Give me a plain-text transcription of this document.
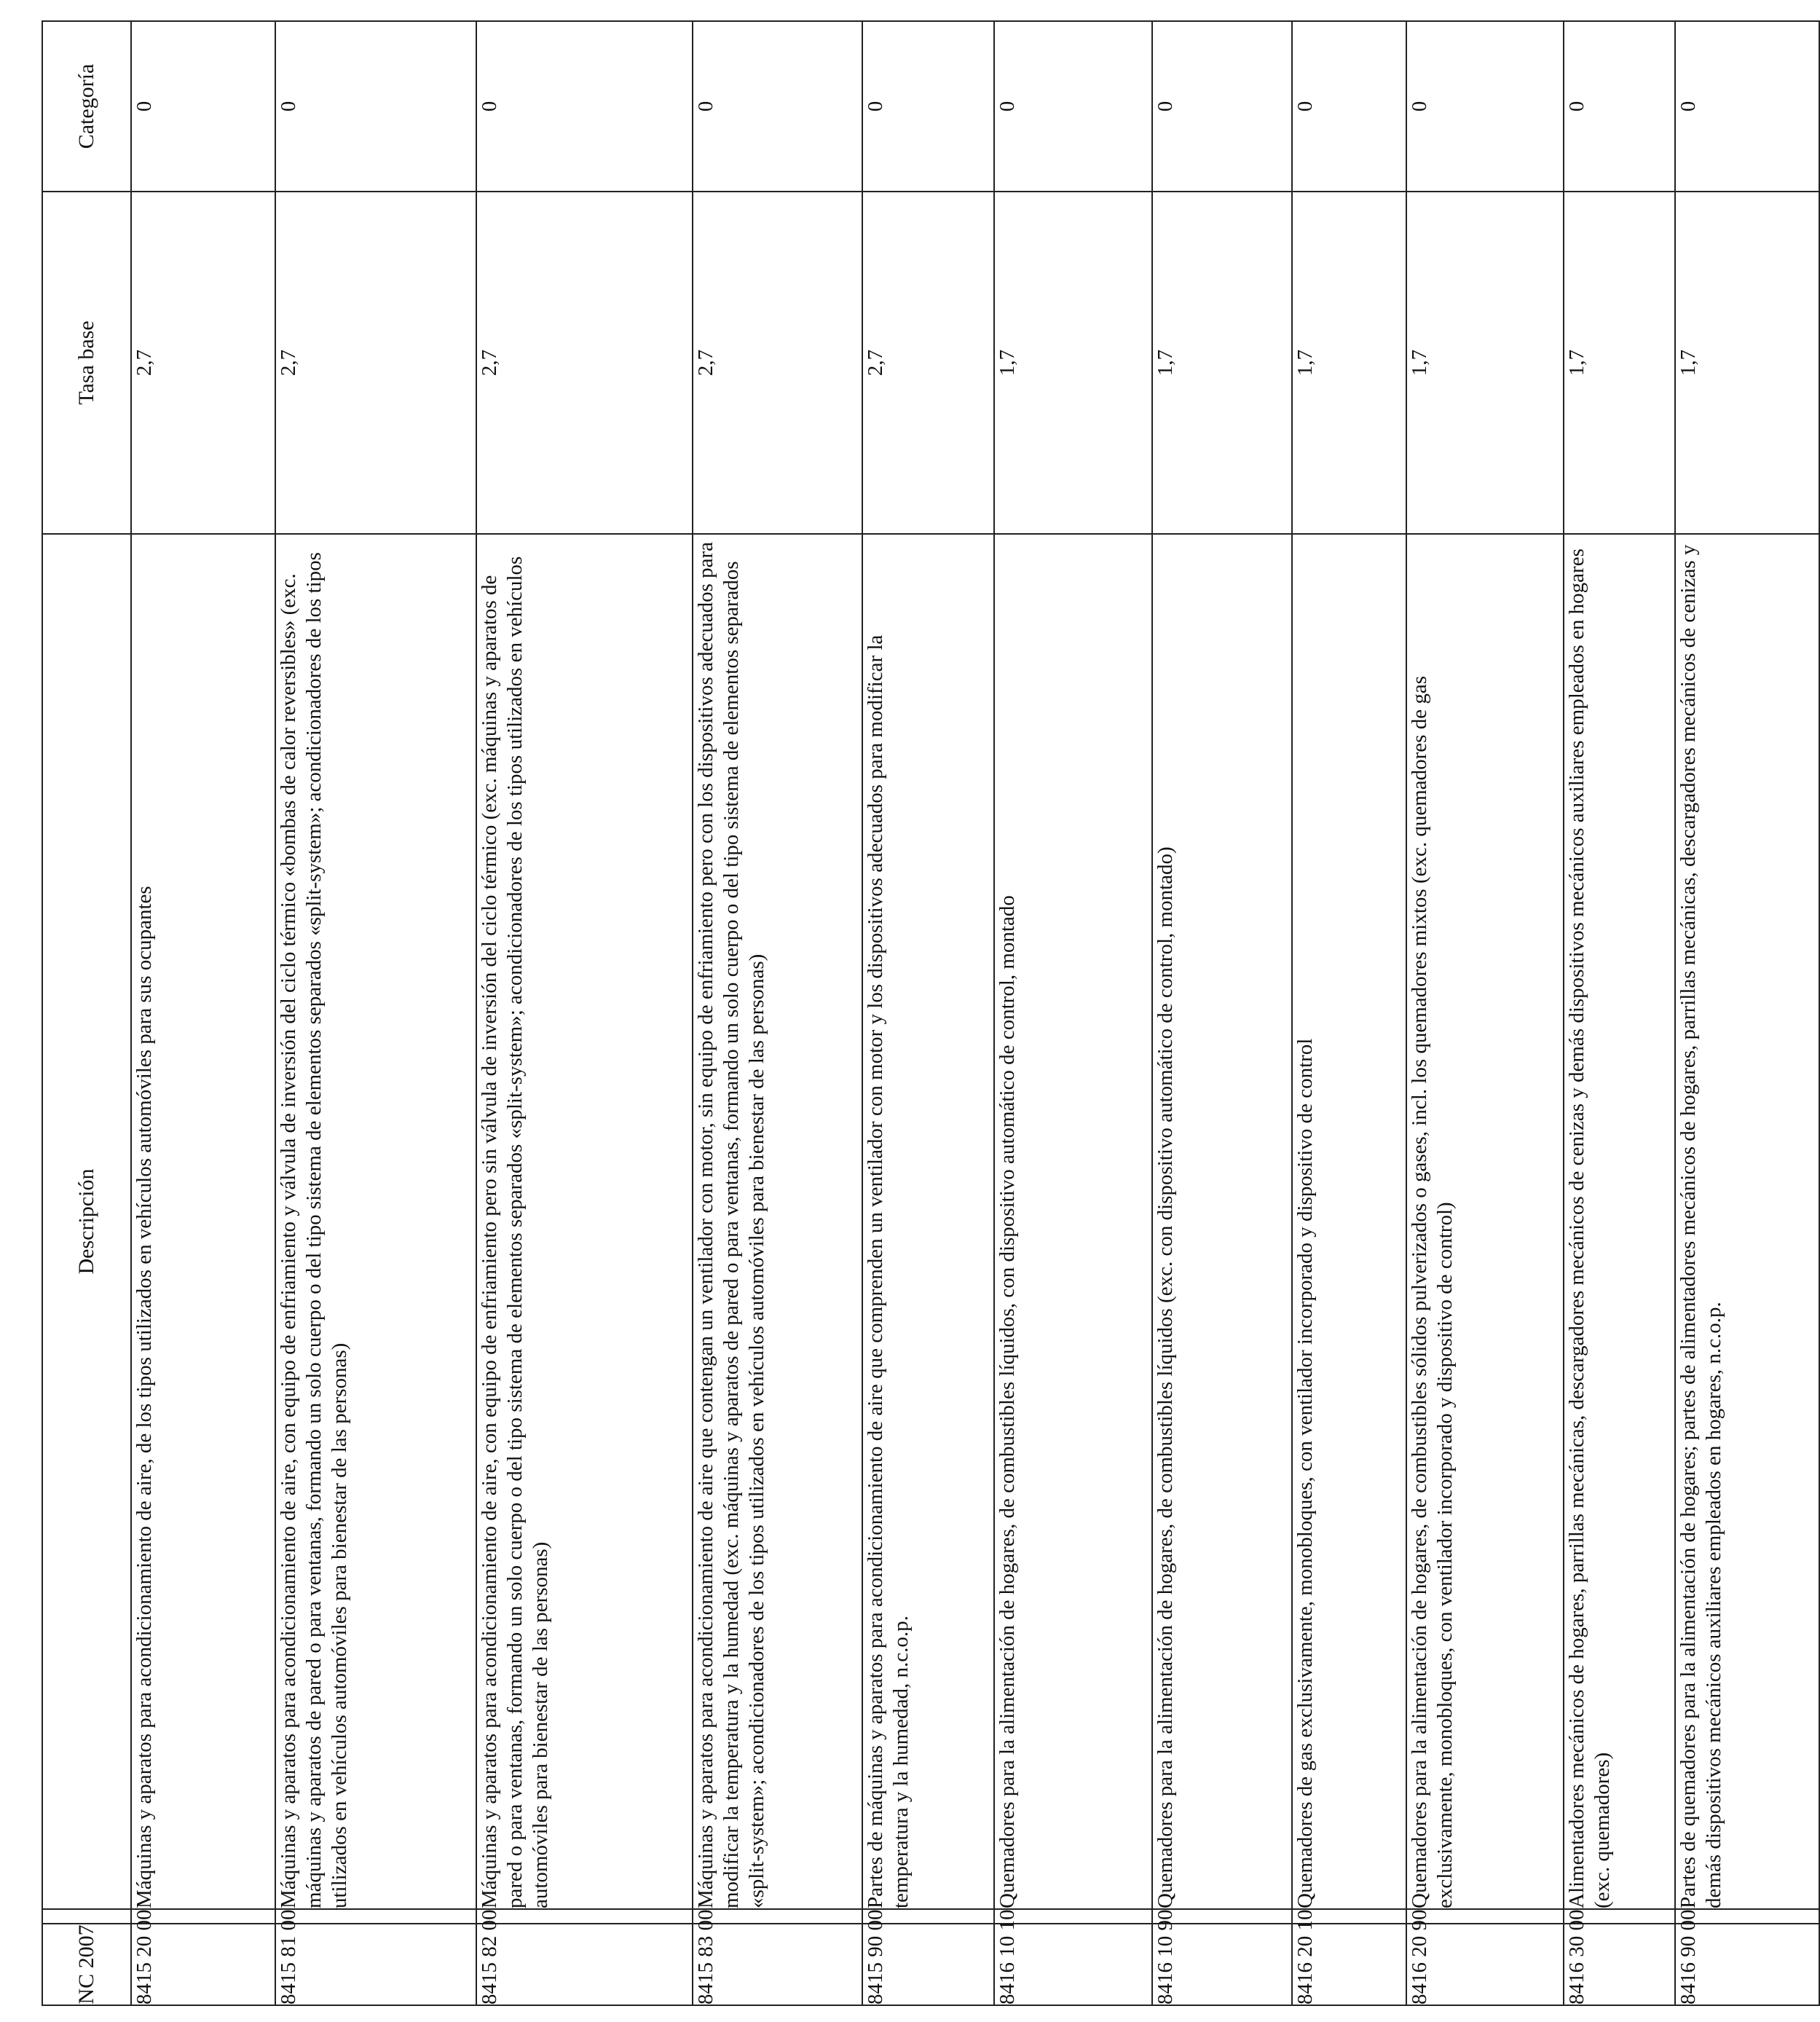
NC 2007		Descripción	Tasa base	Categoría
8415 20 00		Máquinas y aparatos para acondicionamiento de aire, de los tipos utilizados en vehículos automóviles para sus ocupantes	2,7	0
8415 81 00		Máquinas y aparatos para acondicionamiento de aire, con equipo de enfriamiento y válvula de inversión del ciclo térmico «bombas de calor reversibles» (exc. máquinas y aparatos de pared o para ventanas, formando un solo cuerpo o del tipo sistema de elementos separados «split-system»; acondicionadores de los tipos utilizados en vehículos automóviles para bienestar de las personas)	2,7	0
8415 82 00		Máquinas y aparatos para acondicionamiento de aire, con equipo de enfriamiento pero sin válvula de inversión del ciclo térmico (exc. máquinas y aparatos de pared o para ventanas, formando un solo cuerpo o del tipo sistema de elementos separados «split-system»; acondicionadores de los tipos utilizados en vehículos automóviles para bienestar de las personas)	2,7	0
8415 83 00		Máquinas y aparatos para acondicionamiento de aire que contengan un ventilador con motor, sin equipo de enfriamiento pero con los dispositivos adecuados para modificar la temperatura y la humedad (exc. máquinas y aparatos de pared o para ventanas, formando un solo cuerpo o del tipo sistema de elementos separados «split-system»; acondicionadores de los tipos utilizados en vehículos automóviles para bienestar de las personas)	2,7	0
8415 90 00		Partes de máquinas y aparatos para acondicionamiento de aire que comprenden un ventilador con motor y los dispositivos adecuados para modificar la temperatura y la humedad, n.c.o.p.	2,7	0
8416 10 10		Quemadores para la alimentación de hogares, de combustibles líquidos, con dispositivo automático de control, montado	1,7	0
8416 10 90		Quemadores para la alimentación de hogares, de combustibles líquidos (exc. con dispositivo automático de control, montado)	1,7	0
8416 20 10		Quemadores de gas exclusivamente, monobloques, con ventilador incorporado y dispositivo de control	1,7	0
8416 20 90		Quemadores para la alimentación de hogares, de combustibles sólidos pulverizados o gases, incl. los quemadores mixtos (exc. quemadores de gas exclusivamente, monobloques, con ventilador incorporado y dispositivo de control)	1,7	0
8416 30 00		Alimentadores mecánicos de hogares, parrillas mecánicas, descargadores mecánicos de cenizas y demás dispositivos mecánicos auxiliares empleados en hogares (exc. quemadores)	1,7	0
8416 90 00		Partes de quemadores para la alimentación de hogares; partes de alimentadores mecánicos de hogares, parrillas mecánicas, descargadores mecánicos de cenizas y demás dispositivos mecánicos auxiliares empleados en hogares, n.c.o.p.	1,7	0
